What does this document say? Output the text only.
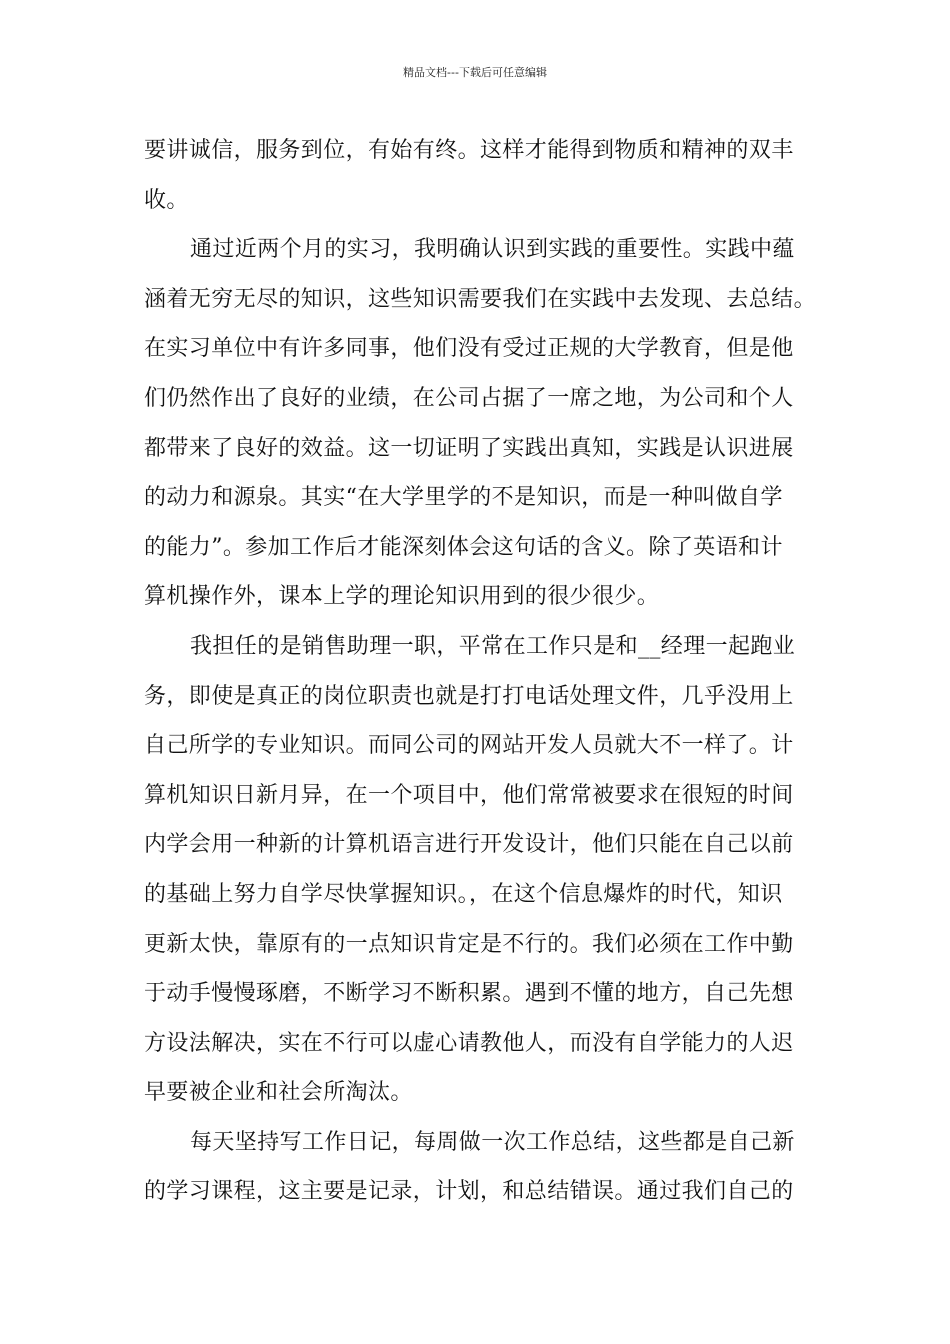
精品文档---下载后可任意编辑
要讲诚信，服务到位，有始有终。这样才能得到物质和精神的双丰
收。
通过近两个月的实习，我明确认识到实践的重要性。实践中蕴
涵着无穷无尽的知识，这些知识需要我们在实践中去发现、去总结。
在实习单位中有许多同事，他们没有受过正规的大学教育，但是他
们仍然作出了良好的业绩，在公司占据了一席之地，为公司和个人
都带来了良好的效益。这一切证明了实践出真知，实践是认识进展
的动力和源泉。其实“在大学里学的不是知识，而是一种叫做自学
的能力”。参加工作后才能深刻体会这句话的含义。除了英语和计
算机操作外，课本上学的理论知识用到的很少很少。
我担任的是销售助理一职，平常在工作只是和__经理一起跑业
务，即使是真正的岗位职责也就是打打电话处理文件，几乎没用上
自己所学的专业知识。而同公司的网站开发人员就大不一样了。计
算机知识日新月异，在一个项目中，他们常常被要求在很短的时间
内学会用一种新的计算机语言进行开发设计，他们只能在自己以前
的基础上努力自学尽快掌握知识。，在这个信息爆炸的时代，知识
更新太快，靠原有的一点知识肯定是不行的。我们必须在工作中勤
于动手慢慢琢磨，不断学习不断积累。遇到不懂的地方，自己先想
方设法解决，实在不行可以虚心请教他人，而没有自学能力的人迟
早要被企业和社会所淘汰。
每天坚持写工作日记，每周做一次工作总结，这些都是自己新
的学习课程，这主要是记录，计划，和总结错误。通过我们自己的
